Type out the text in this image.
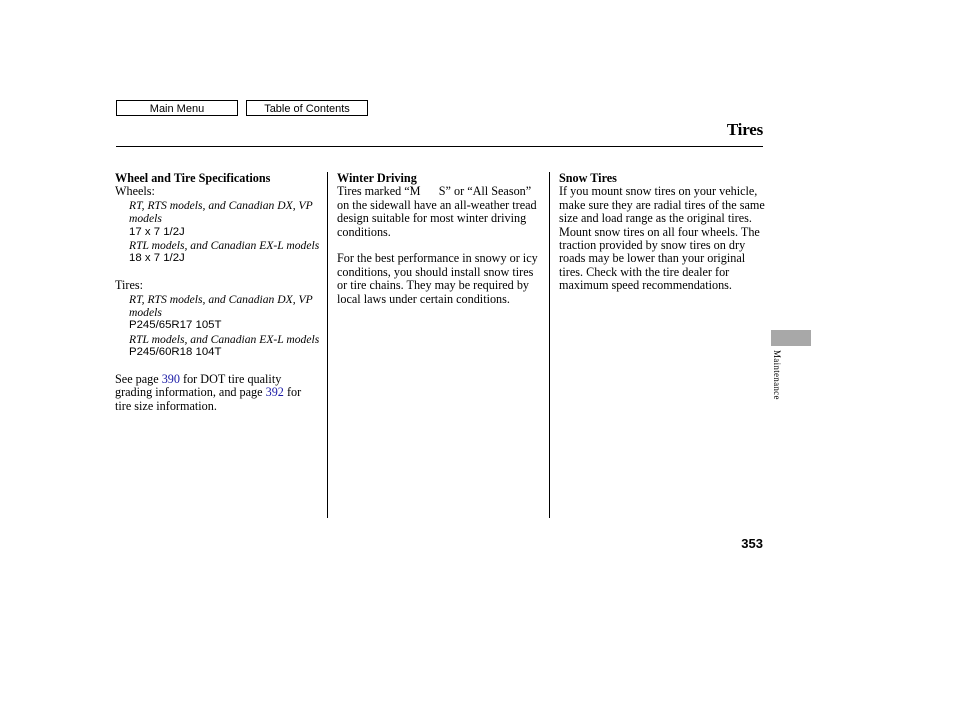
Main Menu	Table of Contents
Tires
Wheel and Tire Specifications
Wheels:
RT, RTS models, and Canadian DX, VP models
17 x 7 1/2J
RTL models, and Canadian EX-L models
18 x 7 1/2J
Tires:
RT, RTS models, and Canadian DX, VP models
P245/65R17 105T
RTL models, and Canadian EX-L models
P245/60R18 104T
See page 390 for DOT tire quality grading information, and page 392 for tire size information.
Winter Driving
Tires marked “M      S” or “All Season” on the sidewall have an all-weather tread design suitable for most winter driving conditions.
For the best performance in snowy or icy conditions, you should install snow tires or tire chains. They may be required by local laws under certain conditions.
Snow Tires
If you mount snow tires on your vehicle, make sure they are radial tires of the same size and load range as the original tires. Mount snow tires on all four wheels. The traction provided by snow tires on dry roads may be lower than your original tires. Check with the tire dealer for maximum speed recommendations.
Maintenance
353
